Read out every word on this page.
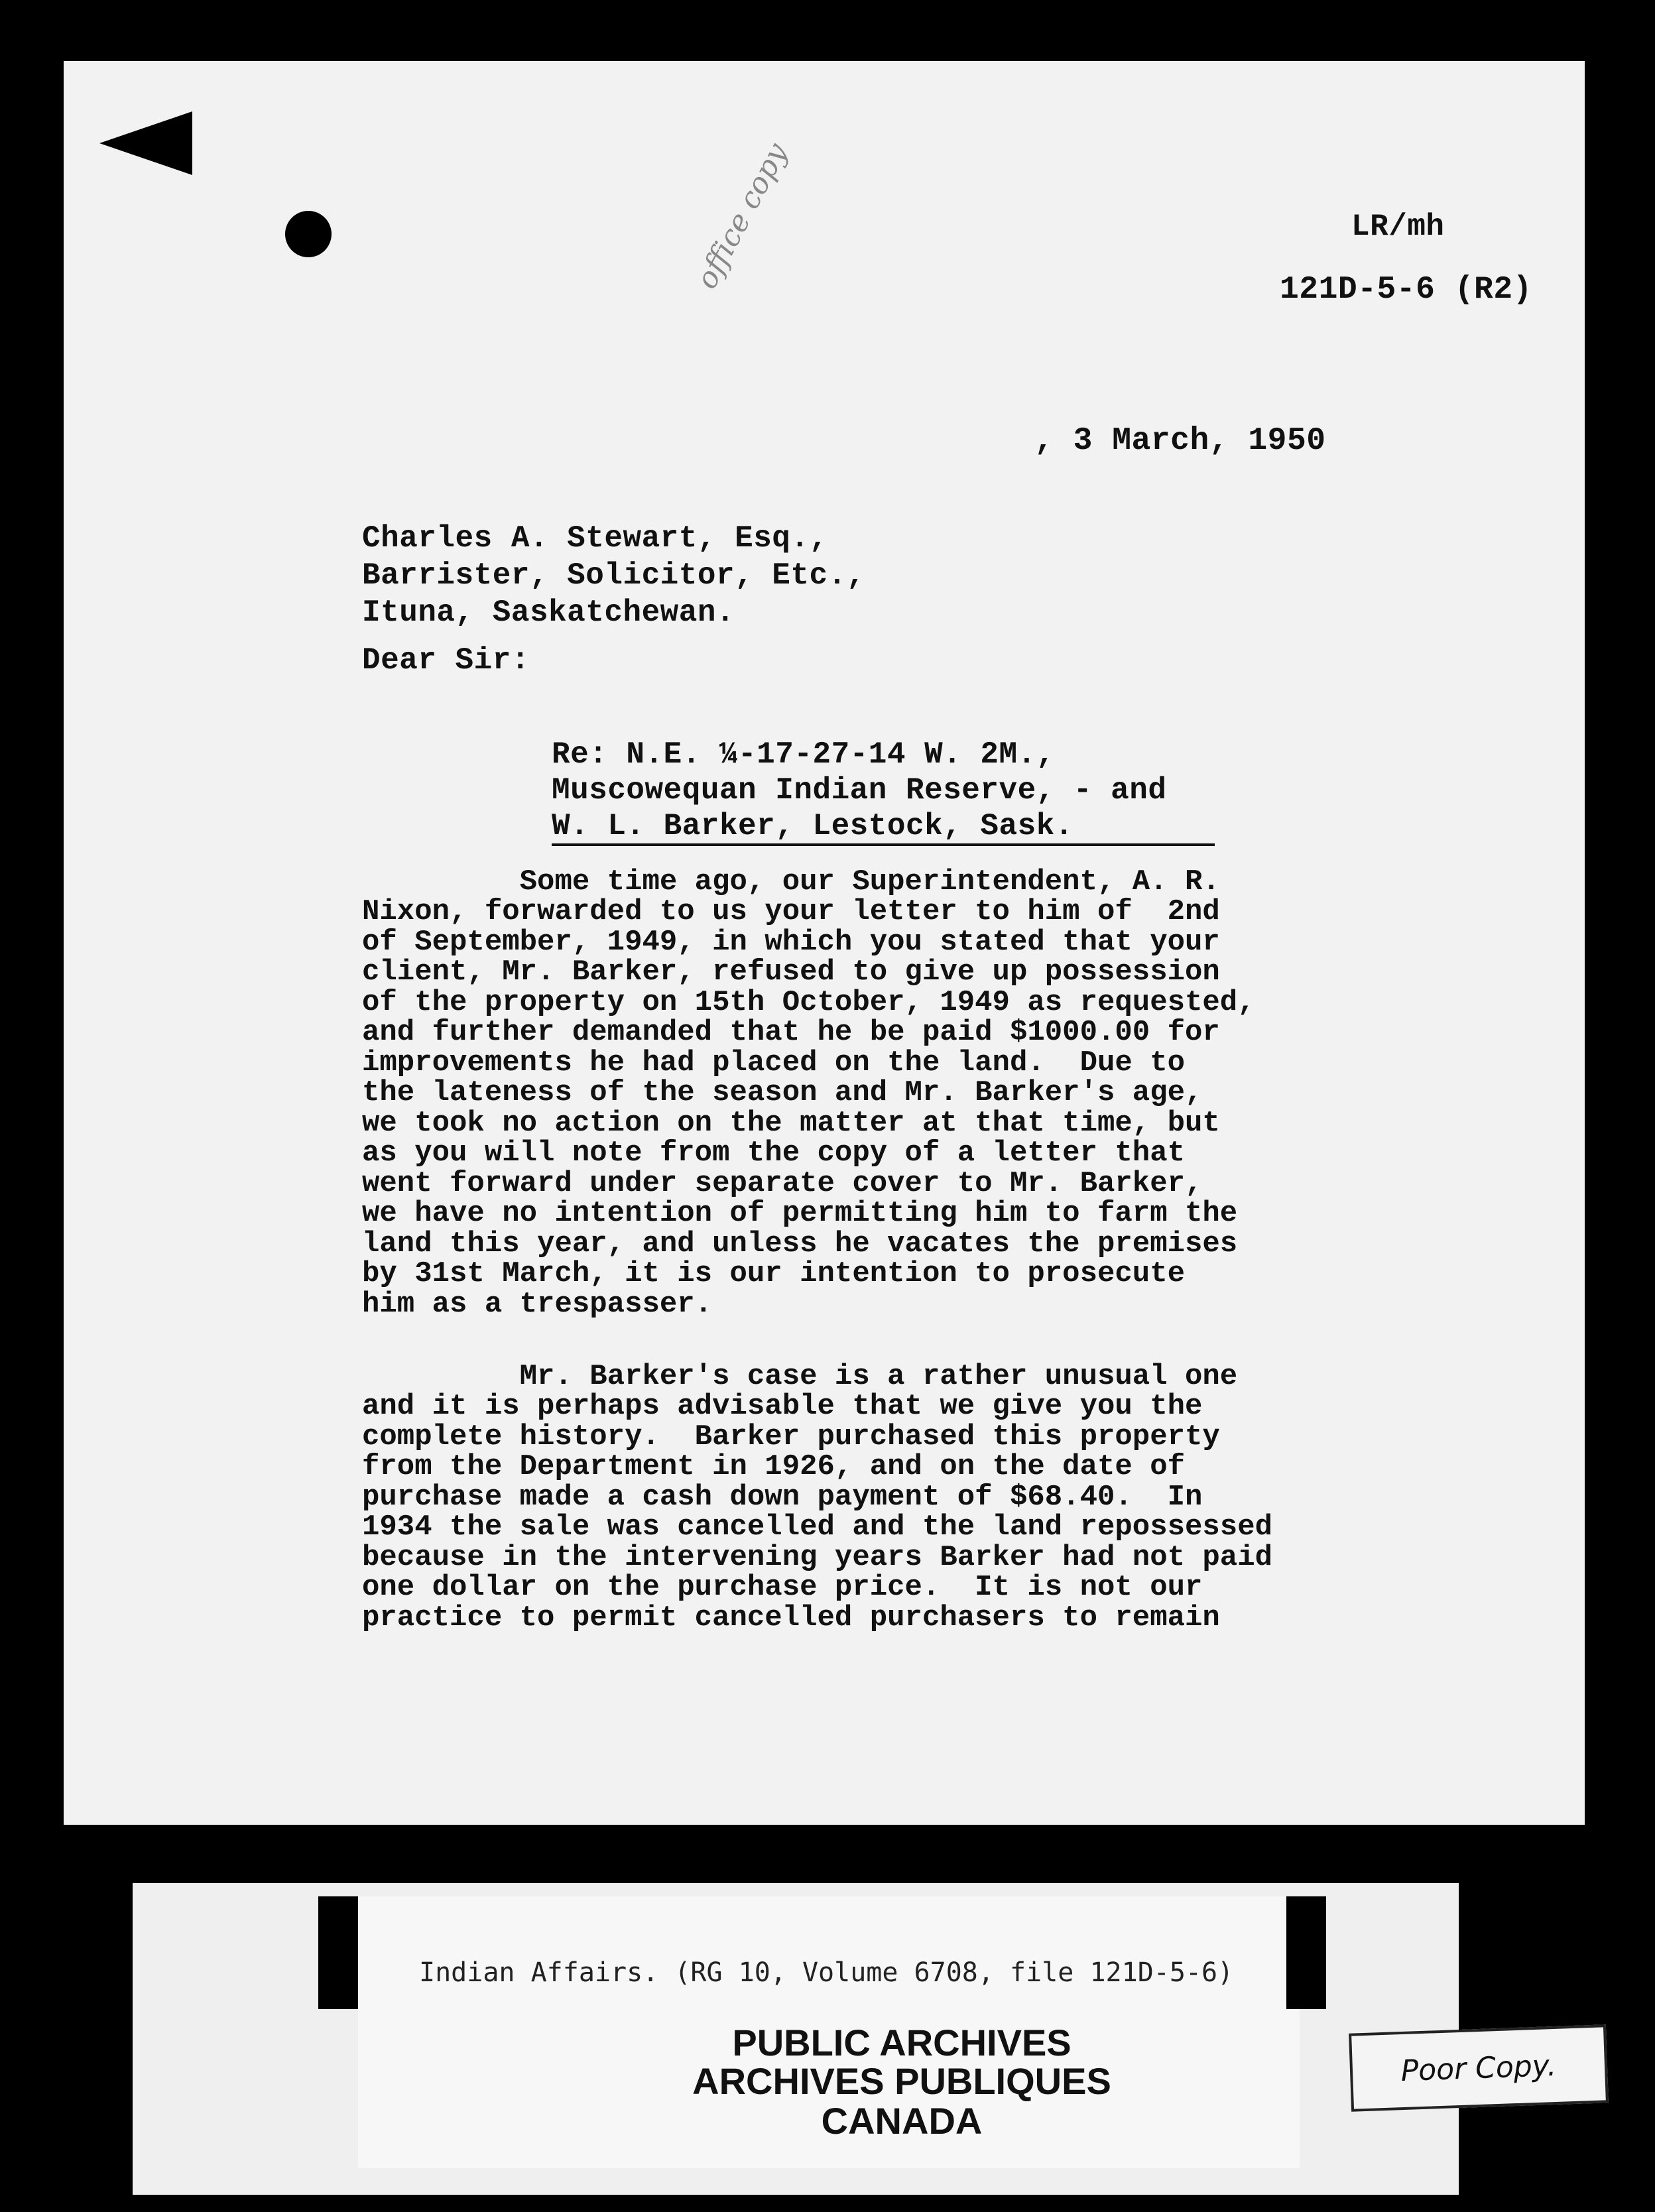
office copy	LR/mh
121D-5-6 (R2)
, 3 March, 1950
Charles A. Stewart, Esq.,
Barrister, Solicitor, Etc.,
Ituna, Saskatchewan.
Dear Sir:
Re: N.E. ¼-17-27-14 W. 2M.,
Muscowequan Indian Reserve, - and
W. L. Barker, Lestock, Sask.

Some time ago, our Superintendent, A. R.
Nixon, forwarded to us your letter to him of  2nd
of September, 1949, in which you stated that your
client, Mr. Barker, refused to give up possession
of the property on 15th October, 1949 as requested,
and further demanded that he be paid $1000.00 for
improvements he had placed on the land.  Due to
the lateness of the season and Mr. Barker's age,
we took no action on the matter at that time, but
as you will note from the copy of a letter that
went forward under separate cover to Mr. Barker,
we have no intention of permitting him to farm the
land this year, and unless he vacates the premises
by 31st March, it is our intention to prosecute
him as a trespasser.

Mr. Barker's case is a rather unusual one
and it is perhaps advisable that we give you the
complete history.  Barker purchased this property
from the Department in 1926, and on the date of
purchase made a cash down payment of $68.40.  In
1934 the sale was cancelled and the land repossessed
because in the intervening years Barker had not paid
one dollar on the purchase price.  It is not our
practice to permit cancelled purchasers to remain

Indian Affairs. (RG 10, Volume 6708, file 121D-5-6)
PUBLIC ARCHIVES
ARCHIVES PUBLIQUES
CANADA
Poor Copy.
